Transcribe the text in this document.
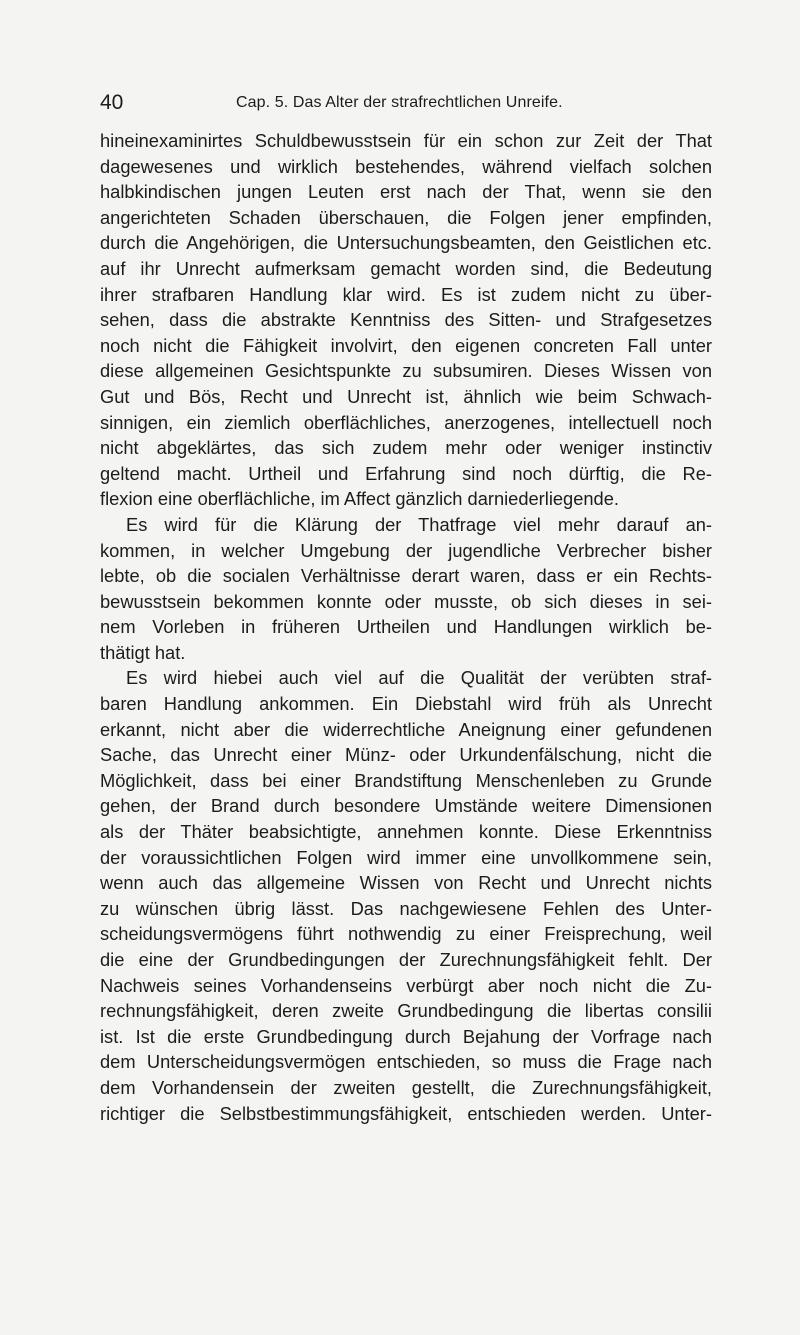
40	Cap. 5. Das Alter der strafrechtlichen Unreife.
hineinexaminirtes Schuldbewusstsein für ein schon zur Zeit der That
dagewesenes und wirklich bestehendes, während vielfach solchen
halbkindischen jungen Leuten erst nach der That, wenn sie den
angerichteten Schaden überschauen, die Folgen jener empfinden,
durch die Angehörigen, die Untersuchungsbeamten, den Geistlichen etc.
auf ihr Unrecht aufmerksam gemacht worden sind, die Bedeutung
ihrer strafbaren Handlung klar wird. Es ist zudem nicht zu über-
sehen, dass die abstrakte Kenntniss des Sitten- und Strafgesetzes
noch nicht die Fähigkeit involvirt, den eigenen concreten Fall unter
diese allgemeinen Gesichtspunkte zu subsumiren. Dieses Wissen von
Gut und Bös, Recht und Unrecht ist, ähnlich wie beim Schwach-
sinnigen, ein ziemlich oberflächliches, anerzogenes, intellectuell noch
nicht abgeklärtes, das sich zudem mehr oder weniger instinctiv
geltend macht. Urtheil und Erfahrung sind noch dürftig, die Re-
flexion eine oberflächliche, im Affect gänzlich darniederliegende.
Es wird für die Klärung der Thatfrage viel mehr darauf an-
kommen, in welcher Umgebung der jugendliche Verbrecher bisher
lebte, ob die socialen Verhältnisse derart waren, dass er ein Rechts-
bewusstsein bekommen konnte oder musste, ob sich dieses in sei-
nem Vorleben in früheren Urtheilen und Handlungen wirklich be-
thätigt hat.
Es wird hiebei auch viel auf die Qualität der verübten straf-
baren Handlung ankommen. Ein Diebstahl wird früh als Unrecht
erkannt, nicht aber die widerrechtliche Aneignung einer gefundenen
Sache, das Unrecht einer Münz- oder Urkundenfälschung, nicht die
Möglichkeit, dass bei einer Brandstiftung Menschenleben zu Grunde
gehen, der Brand durch besondere Umstände weitere Dimensionen
als der Thäter beabsichtigte, annehmen konnte. Diese Erkenntniss
der voraussichtlichen Folgen wird immer eine unvollkommene sein,
wenn auch das allgemeine Wissen von Recht und Unrecht nichts
zu wünschen übrig lässt. Das nachgewiesene Fehlen des Unter-
scheidungsvermögens führt nothwendig zu einer Freisprechung, weil
die eine der Grundbedingungen der Zurechnungsfähigkeit fehlt. Der
Nachweis seines Vorhandenseins verbürgt aber noch nicht die Zu-
rechnungsfähigkeit, deren zweite Grundbedingung die libertas consilii
ist. Ist die erste Grundbedingung durch Bejahung der Vorfrage nach
dem Unterscheidungsvermögen entschieden, so muss die Frage nach
dem Vorhandensein der zweiten gestellt, die Zurechnungsfähigkeit,
richtiger die Selbstbestimmungsfähigkeit, entschieden werden. Unter-
